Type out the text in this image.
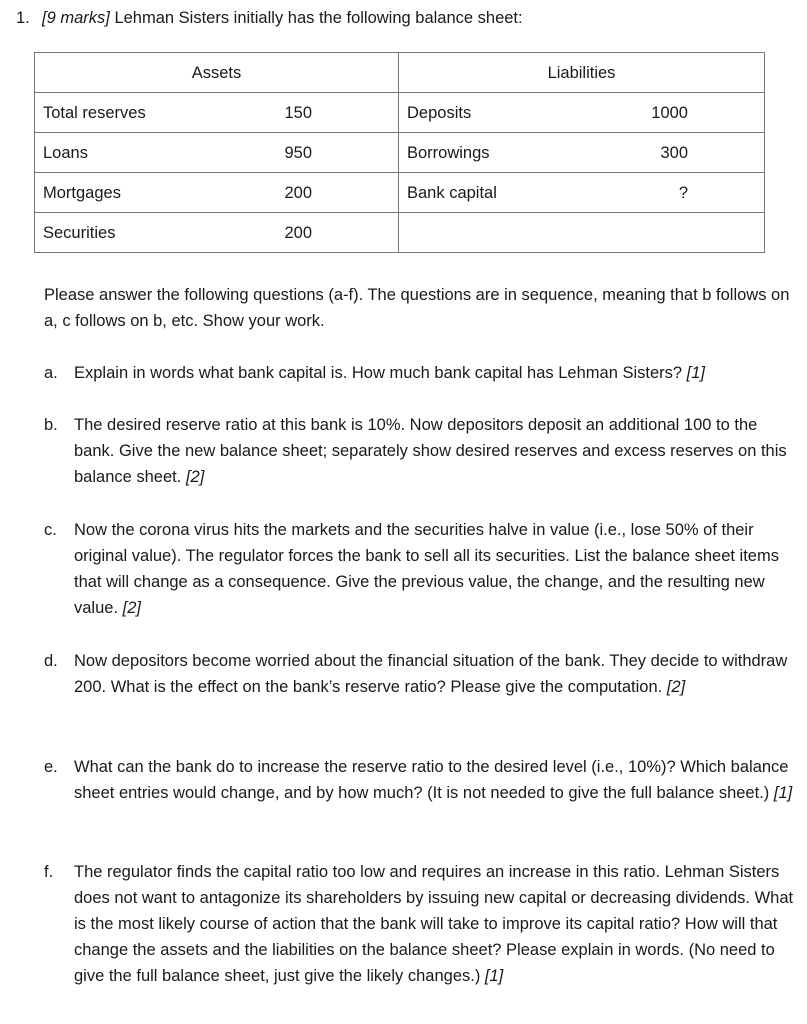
1. [9 marks] Lehman Sisters initially has the following balance sheet:
Assets		Liabilities	
Total reserves	150	Deposits	1000
Loans	950	Borrowings	300
Mortgages	200	Bank capital	?
Securities	200		
Please answer the following questions (a-f). The questions are in sequence, meaning that b follows on a, c follows on b, etc. Show your work.
a. Explain in words what bank capital is. How much bank capital has Lehman Sisters? [1]
b. The desired reserve ratio at this bank is 10%. Now depositors deposit an additional 100 to the bank. Give the new balance sheet; separately show desired reserves and excess reserves on this balance sheet. [2]
c. Now the corona virus hits the markets and the securities halve in value (i.e., lose 50% of their original value). The regulator forces the bank to sell all its securities. List the balance sheet items that will change as a consequence. Give the previous value, the change, and the resulting new value. [2]
d. Now depositors become worried about the financial situation of the bank. They decide to withdraw 200. What is the effect on the bank’s reserve ratio? Please give the computation. [2]
e. What can the bank do to increase the reserve ratio to the desired level (i.e., 10%)? Which balance sheet entries would change, and by how much? (It is not needed to give the full balance sheet.) [1]
f. The regulator finds the capital ratio too low and requires an increase in this ratio. Lehman Sisters does not want to antagonize its shareholders by issuing new capital or decreasing dividends. What is the most likely course of action that the bank will take to improve its capital ratio? How will that change the assets and the liabilities on the balance sheet? Please explain in words. (No need to give the full balance sheet, just give the likely changes.) [1]
